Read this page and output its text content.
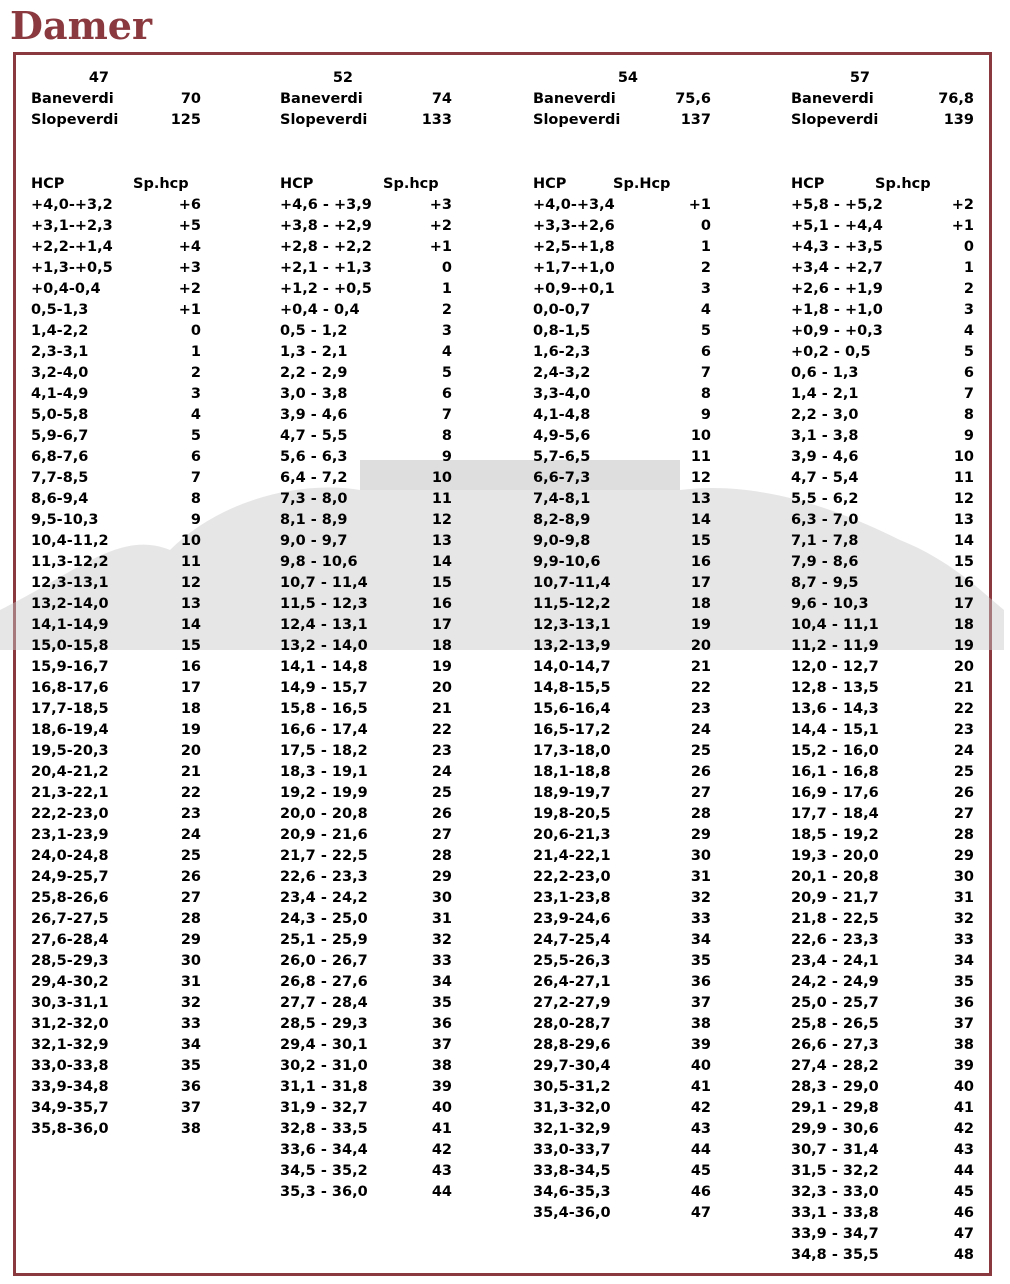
Damer
47
Baneverdi	70
Slopeverdi	125
HCP	Sp.hcp
+4,0-+3,2	+6
+3,1-+2,3	+5
+2,2-+1,4	+4
+1,3-+0,5	+3
+0,4-0,4	+2
0,5-1,3	+1
1,4-2,2	0
2,3-3,1	1
3,2-4,0	2
4,1-4,9	3
5,0-5,8	4
5,9-6,7	5
6,8-7,6	6
7,7-8,5	7
8,6-9,4	8
9,5-10,3	9
10,4-11,2	10
11,3-12,2	11
12,3-13,1	12
13,2-14,0	13
14,1-14,9	14
15,0-15,8	15
15,9-16,7	16
16,8-17,6	17
17,7-18,5	18
18,6-19,4	19
19,5-20,3	20
20,4-21,2	21
21,3-22,1	22
22,2-23,0	23
23,1-23,9	24
24,0-24,8	25
24,9-25,7	26
25,8-26,6	27
26,7-27,5	28
27,6-28,4	29
28,5-29,3	30
29,4-30,2	31
30,3-31,1	32
31,2-32,0	33
32,1-32,9	34
33,0-33,8	35
33,9-34,8	36
34,9-35,7	37
35,8-36,0	38
52
Baneverdi	74
Slopeverdi	133
HCP	Sp.hcp
+4,6 - +3,9	+3
+3,8 - +2,9	+2
+2,8 - +2,2	+1
+2,1 - +1,3	0
+1,2 - +0,5	1
+0,4 - 0,4	2
0,5 - 1,2	3
1,3 - 2,1	4
2,2 - 2,9	5
3,0 - 3,8	6
3,9 - 4,6	7
4,7 - 5,5	8
5,6 - 6,3	9
6,4 - 7,2	10
7,3 - 8,0	11
8,1 - 8,9	12
9,0 - 9,7	13
9,8 - 10,6	14
10,7 - 11,4	15
11,5 - 12,3	16
12,4 - 13,1	17
13,2 - 14,0	18
14,1 - 14,8	19
14,9 - 15,7	20
15,8 - 16,5	21
16,6 - 17,4	22
17,5 - 18,2	23
18,3 - 19,1	24
19,2 - 19,9	25
20,0 - 20,8	26
20,9 - 21,6	27
21,7 - 22,5	28
22,6 - 23,3	29
23,4 - 24,2	30
24,3 - 25,0	31
25,1 - 25,9	32
26,0 - 26,7	33
26,8 - 27,6	34
27,7 - 28,4	35
28,5 - 29,3	36
29,4 - 30,1	37
30,2 - 31,0	38
31,1 - 31,8	39
31,9 - 32,7	40
32,8 - 33,5	41
33,6 - 34,4	42
34,5 - 35,2	43
35,3 - 36,0	44
54
Baneverdi	75,6
Slopeverdi	137
HCP	Sp.Hcp
+4,0-+3,4	+1
+3,3-+2,6	0
+2,5-+1,8	1
+1,7-+1,0	2
+0,9-+0,1	3
0,0-0,7	4
0,8-1,5	5
1,6-2,3	6
2,4-3,2	7
3,3-4,0	8
4,1-4,8	9
4,9-5,6	10
5,7-6,5	11
6,6-7,3	12
7,4-8,1	13
8,2-8,9	14
9,0-9,8	15
9,9-10,6	16
10,7-11,4	17
11,5-12,2	18
12,3-13,1	19
13,2-13,9	20
14,0-14,7	21
14,8-15,5	22
15,6-16,4	23
16,5-17,2	24
17,3-18,0	25
18,1-18,8	26
18,9-19,7	27
19,8-20,5	28
20,6-21,3	29
21,4-22,1	30
22,2-23,0	31
23,1-23,8	32
23,9-24,6	33
24,7-25,4	34
25,5-26,3	35
26,4-27,1	36
27,2-27,9	37
28,0-28,7	38
28,8-29,6	39
29,7-30,4	40
30,5-31,2	41
31,3-32,0	42
32,1-32,9	43
33,0-33,7	44
33,8-34,5	45
34,6-35,3	46
35,4-36,0	47
57
Baneverdi	76,8
Slopeverdi	139
HCP	Sp.hcp
+5,8 - +5,2	+2
+5,1 - +4,4	+1
+4,3 - +3,5	0
+3,4 - +2,7	1
+2,6 - +1,9	2
+1,8 - +1,0	3
+0,9 - +0,3	4
+0,2 - 0,5	5
0,6 - 1,3	6
1,4 - 2,1	7
2,2 - 3,0	8
3,1 - 3,8	9
3,9 - 4,6	10
4,7 - 5,4	11
5,5 - 6,2	12
6,3 - 7,0	13
7,1 - 7,8	14
7,9 - 8,6	15
8,7 - 9,5	16
9,6 - 10,3	17
10,4 - 11,1	18
11,2 - 11,9	19
12,0 - 12,7	20
12,8 - 13,5	21
13,6 - 14,3	22
14,4 - 15,1	23
15,2 - 16,0	24
16,1 - 16,8	25
16,9 - 17,6	26
17,7 - 18,4	27
18,5 - 19,2	28
19,3 - 20,0	29
20,1 - 20,8	30
20,9 - 21,7	31
21,8 - 22,5	32
22,6 - 23,3	33
23,4 - 24,1	34
24,2 - 24,9	35
25,0 - 25,7	36
25,8 - 26,5	37
26,6 - 27,3	38
27,4 - 28,2	39
28,3 - 29,0	40
29,1 - 29,8	41
29,9 - 30,6	42
30,7 - 31,4	43
31,5 - 32,2	44
32,3 - 33,0	45
33,1 - 33,8	46
33,9 - 34,7	47
34,8 - 35,5	48
